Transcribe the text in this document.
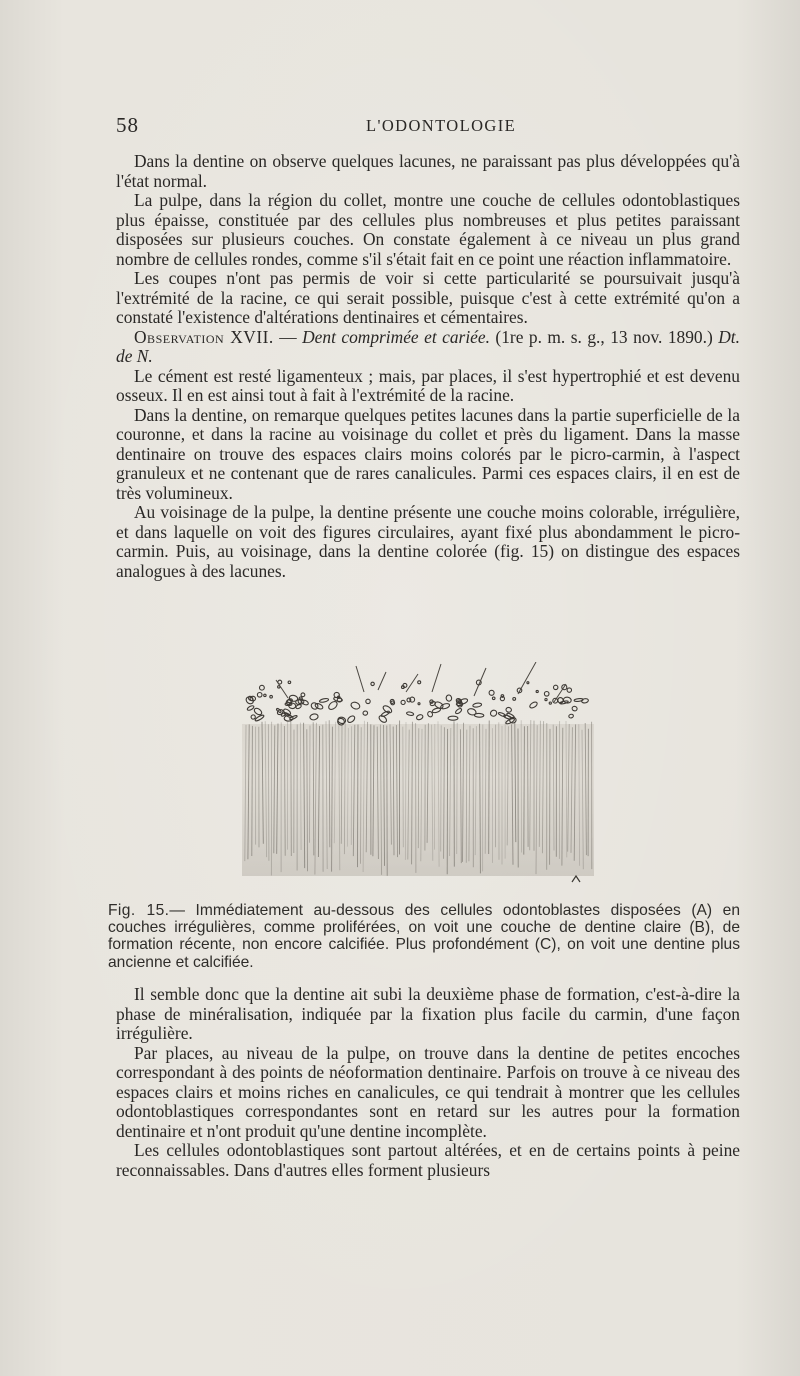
58	L'ODONTOLOGIE

Dans la dentine on observe quelques lacunes, ne paraissant pas plus développées qu'à l'état normal.

La pulpe, dans la région du collet, montre une couche de cellules odontoblastiques plus épaisse, constituée par des cellules plus nombreuses et plus petites paraissant disposées sur plusieurs couches. On constate également à ce niveau un plus grand nombre de cellules rondes, comme s'il s'était fait en ce point une réaction inflammatoire.

Les coupes n'ont pas permis de voir si cette particularité se poursuivait jusqu'à l'extrémité de la racine, ce qui serait possible, puisque c'est à cette extrémité qu'on a constaté l'existence d'altérations dentinaires et cémentaires.

Observation XVII. — Dent comprimée et cariée. (1re p. m. s. g., 13 nov. 1890.) Dt. de N.

Le cément est resté ligamenteux ; mais, par places, il s'est hypertrophié et est devenu osseux. Il en est ainsi tout à fait à l'extrémité de la racine.

Dans la dentine, on remarque quelques petites lacunes dans la partie superficielle de la couronne, et dans la racine au voisinage du collet et près du ligament. Dans la masse dentinaire on trouve des espaces clairs moins colorés par le picro-carmin, à l'aspect granuleux et ne contenant que de rares canalicules. Parmi ces espaces clairs, il en est de très volumineux.

Au voisinage de la pulpe, la dentine présente une couche moins colorable, irrégulière, et dans laquelle on voit des figures circulaires, ayant fixé plus abondamment le picro-carmin. Puis, au voisinage, dans la dentine colorée (fig. 15) on distingue des espaces analogues à des lacunes.

Fig. 15.— Immédiatement au-dessous des cellules odontoblastes disposées (A) en couches irrégulières, comme proliférées, on voit une couche de dentine claire (B), de formation récente, non encore calcifiée. Plus profondément (C), on voit une dentine plus ancienne et calcifiée.

Il semble donc que la dentine ait subi la deuxième phase de formation, c'est-à-dire la phase de minéralisation, indiquée par la fixation plus facile du carmin, d'une façon irrégulière.

Par places, au niveau de la pulpe, on trouve dans la dentine de petites encoches correspondant à des points de néoformation dentinaire. Parfois on trouve à ce niveau des espaces clairs et moins riches en canalicules, ce qui tendrait à montrer que les cellules odontoblastiques correspondantes sont en retard sur les autres pour la formation dentinaire et n'ont produit qu'une dentine incomplète.

Les cellules odontoblastiques sont partout altérées, et en de certains points à peine reconnaissables. Dans d'autres elles forment plusieurs
